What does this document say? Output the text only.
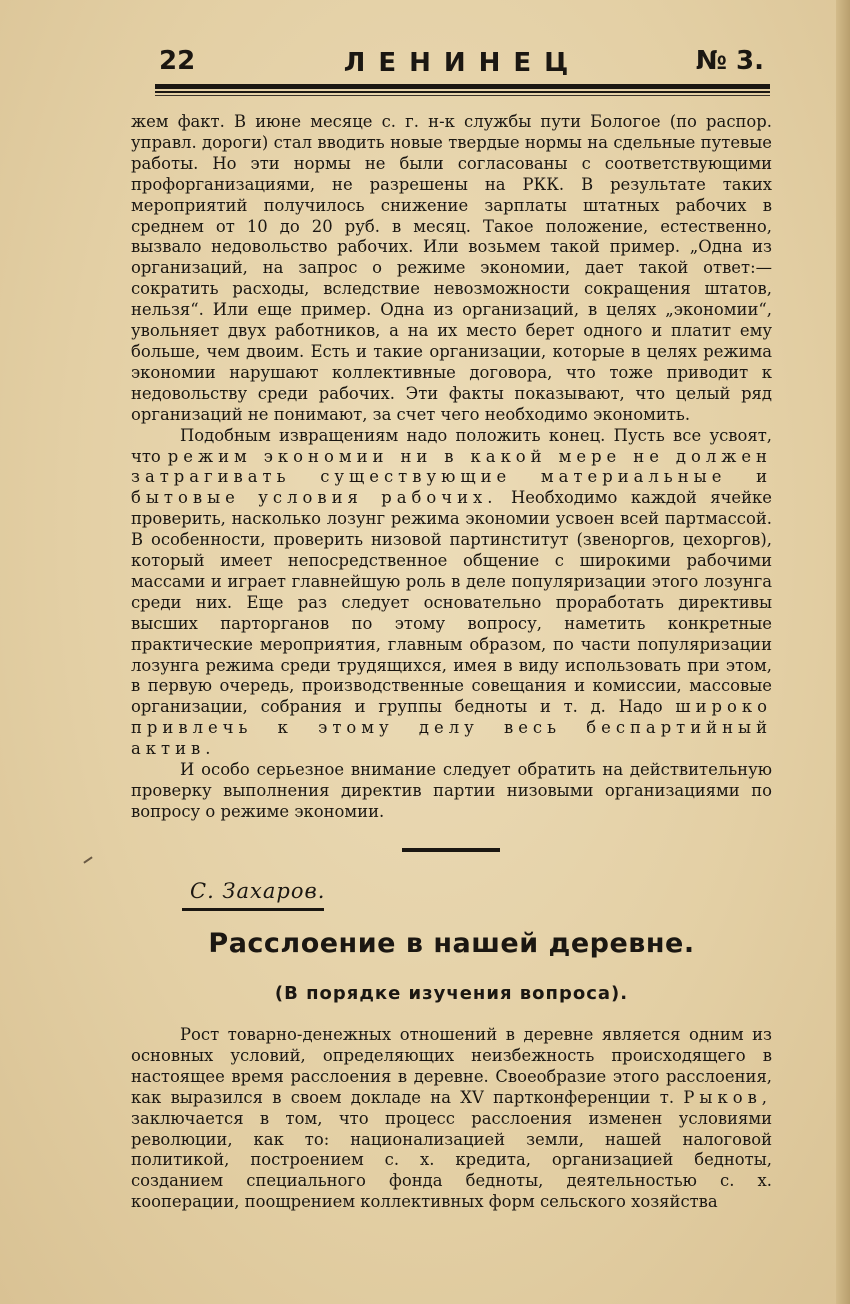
22	ЛЕНИНЕЦ	№ 3.

жем факт. В июне месяце с. г. н-к службы пути Бологое (по распор. управл. дороги) стал вводить новые твердые нормы на сдельные путевые работы. Но эти нормы не были согласованы с соответствующими профорганизациями, не разрешены на РКК. В результате таких мероприятий получилось снижение зарплаты штатных рабочих в среднем от 10 до 20 руб. в месяц. Такое положение, естественно, вызвало недовольство рабочих. Или возьмем такой пример. „Одна из организаций, на запрос о режиме экономии, дает такой ответ:—сократить расходы, вследствие невозможности сокращения штатов, нельзя“. Или еще пример. Одна из организаций, в целях „экономии“, увольняет двух работников, а на их место берет одного и платит ему больше, чем двоим. Есть и такие организации, которые в целях режима экономии нарушают коллективные договора, что тоже приводит к недовольству среди рабочих. Эти факты показывают, что целый ряд организаций не понимают, за счет чего необходимо экономить.

Подобным извращениям надо положить конец. Пусть все усвоят, что режим экономии ни в какой мере не должен затрагивать существующие материальные и бытовые условия рабочих. Необходимо каждой ячейке проверить, насколько лозунг режима экономии усвоен всей партмассой. В особенности, проверить низовой партинститут (звеноргов, цехоргов), который имеет непосредственное общение с широкими рабочими массами и играет главнейшую роль в деле популяризации этого лозунга среди них. Еще раз следует основательно проработать директивы высших парторганов по этому вопросу, наметить конкретные практические мероприятия, главным образом, по части популяризации лозунга режима среди трудящихся, имея в виду использовать при этом, в первую очередь, производственные совещания и комиссии, массовые организации, собрания и группы бедноты и т. д. Надо широко привлечь к этому делу весь беспартийный актив.

И особо серьезное внимание следует обратить на действительную проверку выполнения директив партии низовыми организациями по вопросу о режиме экономии.

С. Захаров.
Расслоение в нашей деревне.
(В порядке изучения вопроса).

Рост товарно-денежных отношений в деревне является одним из основных условий, определяющих неизбежность происходящего в настоящее время расслоения в деревне. Своеобразие этого расслоения, как выразился в своем докладе на XV партконференции т. Рыков, заключается в том, что процесс расслоения изменен условиями революции, как то: национализацией земли, нашей налоговой политикой, построением с. х. кредита, организацией бедноты, созданием специального фонда бедноты, деятельностью с. х. кооперации, поощрением коллективных форм сельского хозяйства
